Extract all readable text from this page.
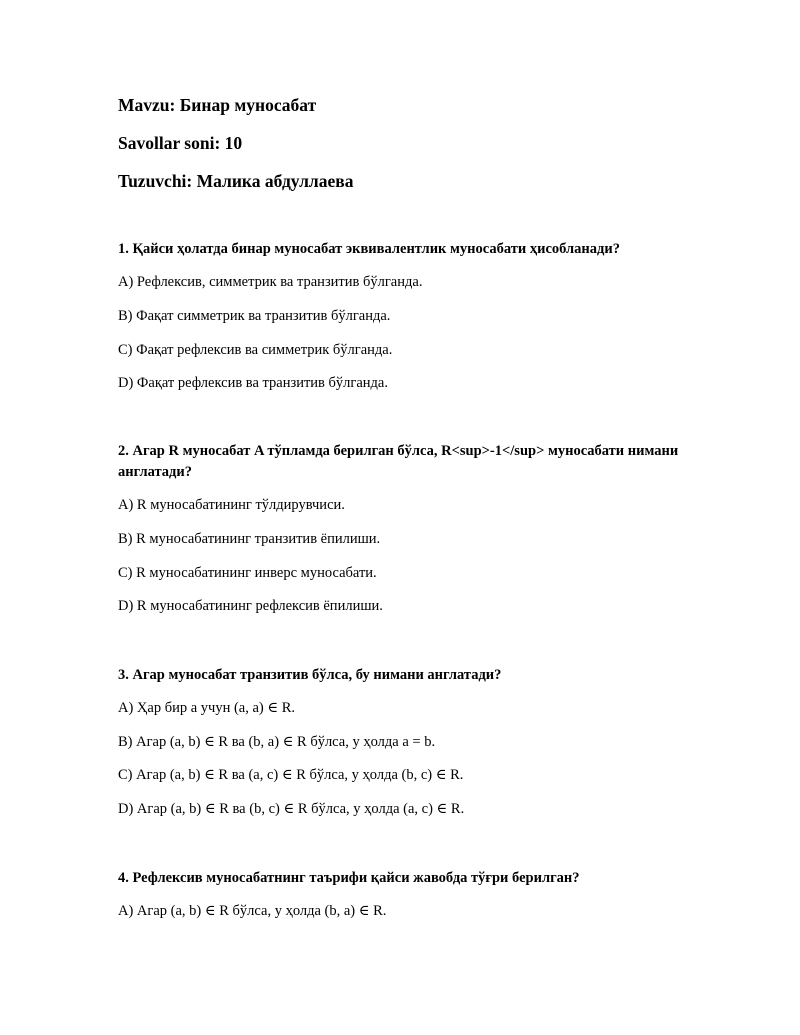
Mavzu: Бинар муносабат
Savollar soni: 10
Tuzuvchi: Малика абдуллаева
1. Қайси ҳолатда бинар муносабат эквивалентлик муносабати ҳисобланади?
A) Рефлексив, симметрик ва транзитив бўлганда.
B) Фақат симметрик ва транзитив бўлганда.
C) Фақат рефлексив ва симметрик бўлганда.
D) Фақат рефлексив ва транзитив бўлганда.
2. Агар R муносабат A тўпламда берилган бўлса, R<sup>-1</sup> муносабати нимани англатади?
A) R муносабатининг тўлдирувчиси.
B) R муносабатининг транзитив ёпилиши.
C) R муносабатининг инверс муносабати.
D) R муносабатининг рефлексив ёпилиши.
3. Агар муносабат транзитив бўлса, бу нимани англатади?
A) Ҳар бир a учун (a, a) ∈ R.
B) Агар (a, b) ∈ R ва (b, a) ∈ R бўлса, у ҳолда a = b.
C) Агар (a, b) ∈ R ва (a, c) ∈ R бўлса, у ҳолда (b, c) ∈ R.
D) Агар (a, b) ∈ R ва (b, c) ∈ R бўлса, у ҳолда (a, c) ∈ R.
4. Рефлексив муносабатнинг таърифи қайси жавобда тўғри берилган?
A) Агар (a, b) ∈ R бўлса, у ҳолда (b, a) ∈ R.
